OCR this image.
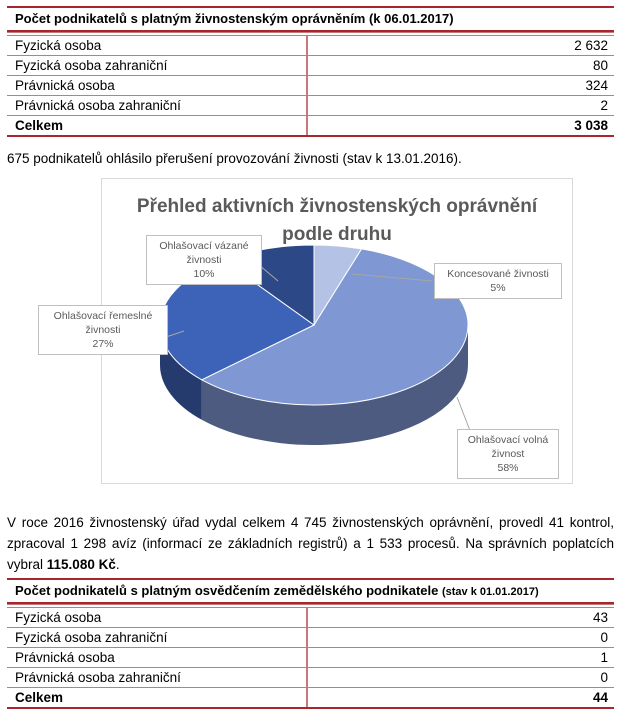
Počet podnikatelů s platným živnostenským oprávněním (k 06.01.2017)
Fyzická osoba	2 632
Fyzická osoba zahraniční	80
Právnická osoba	324
Právnická osoba zahraniční	2
Celkem	3 038
675 podnikatelů ohlásilo přerušení provozování živnosti (stav k 13.01.2016).
Přehled aktivních živnostenských oprávnění
podle druhu
Koncesované živnosti
5%
Ohlašovací volná
živnost
58%
Ohlašovací řemeslné
živnosti
27%
Ohlašovací vázané
živnosti
10%
V roce 2016 živnostenský úřad vydal celkem 4 745 živnostenských oprávnění, provedl 41 kontrol, zpracoval 1 298 avíz (informací ze základních registrů) a 1 533 procesů. Na správních poplatcích vybral 115.080 Kč.
Počet podnikatelů s platným osvědčením zemědělského podnikatele (stav k 01.01.2017)
Fyzická osoba	43
Fyzická osoba zahraniční	0
Právnická osoba	1
Právnická osoba zahraniční	0
Celkem	44
